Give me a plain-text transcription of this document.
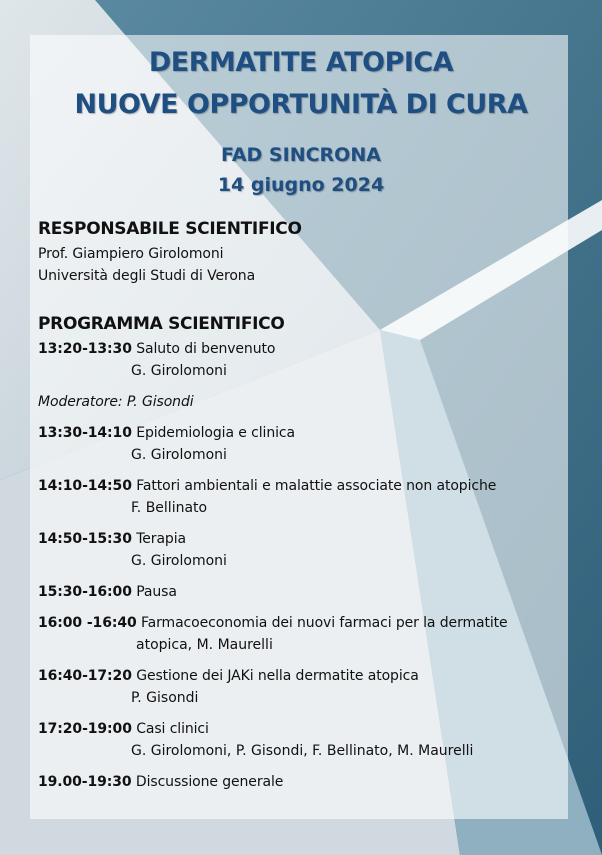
DERMATITE ATOPICA
NUOVE OPPORTUNITÀ DI CURA
FAD SINCRONA
14 giugno 2024
RESPONSABILE SCIENTIFICO
Prof. Giampiero Girolomoni
Università degli Studi di Verona
PROGRAMMA SCIENTIFICO
13:20-13:30 Saluto di benvenuto
G. Girolomoni
Moderatore: P. Gisondi
13:30-14:10 Epidemiologia e clinica
G. Girolomoni
14:10-14:50 Fattori ambientali e malattie associate non atopiche
F. Bellinato
14:50-15:30 Terapia
G. Girolomoni
15:30-16:00 Pausa
16:00 -16:40 Farmacoeconomia dei nuovi farmaci per la dermatite
atopica, M. Maurelli
16:40-17:20 Gestione dei JAKi nella dermatite atopica
P. Gisondi
17:20-19:00 Casi clinici
G. Girolomoni, P. Gisondi, F. Bellinato, M. Maurelli
19.00-19:30 Discussione generale
